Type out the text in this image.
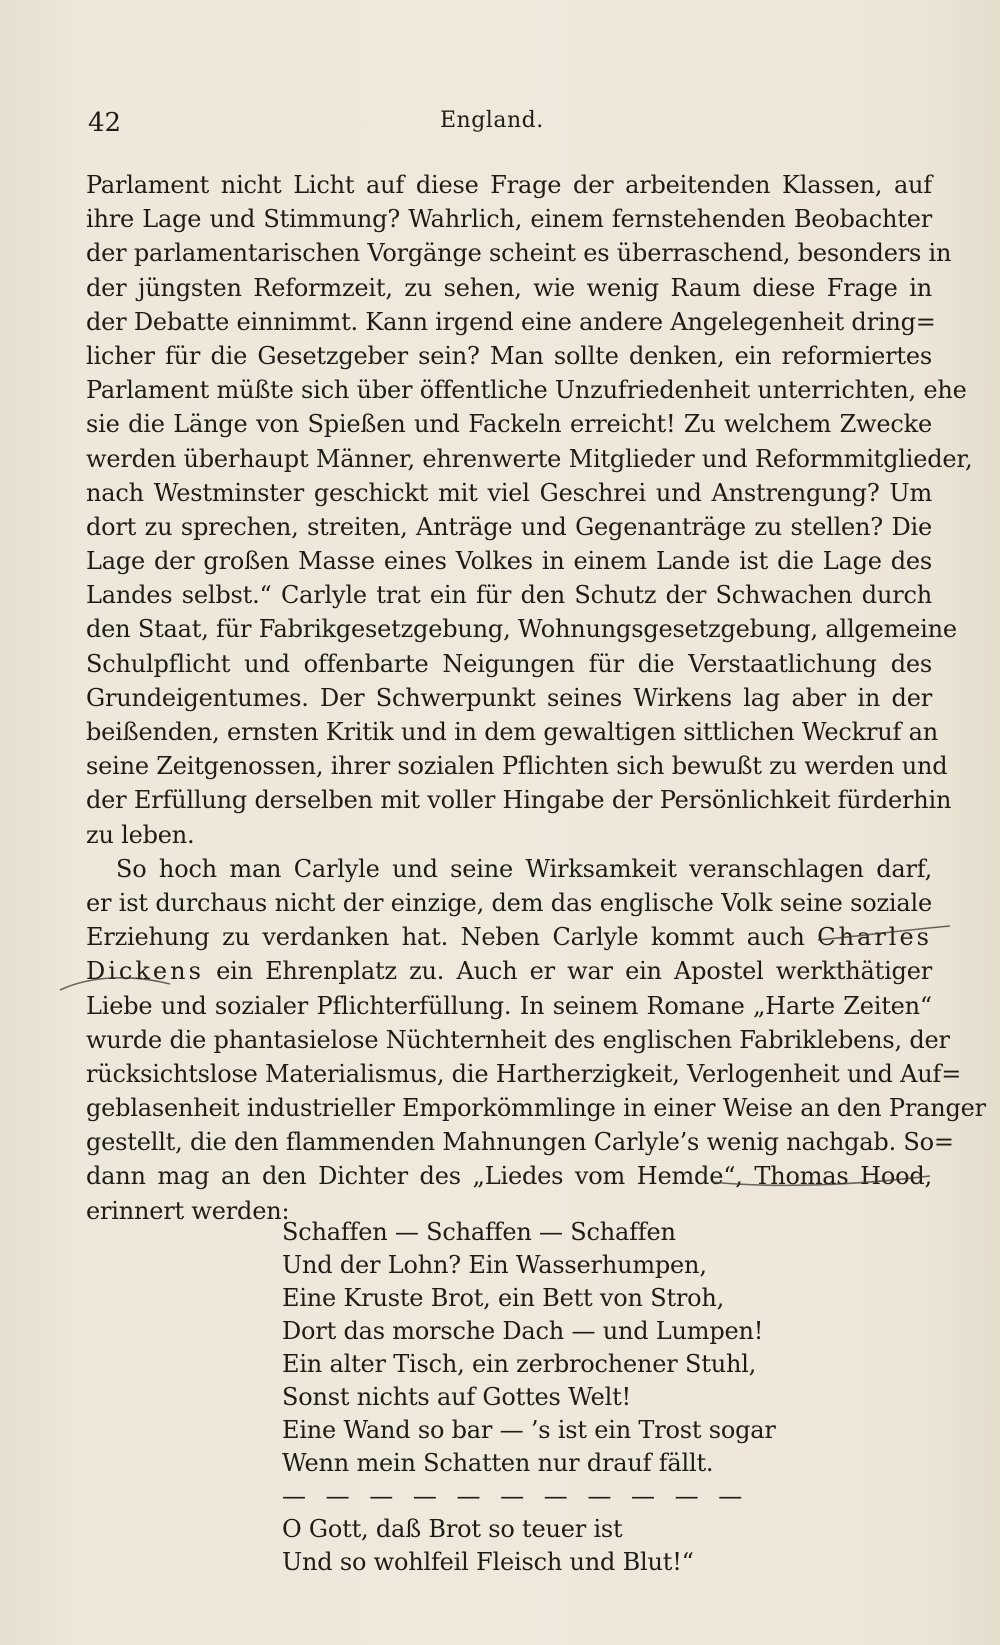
42	England.
Parlament nicht Licht auf diese Frage der arbeitenden Klassen, auf
ihre Lage und Stimmung? Wahrlich, einem fernstehenden Beobachter
der parlamentarischen Vorgänge scheint es überraschend, besonders in
der jüngsten Reformzeit, zu sehen, wie wenig Raum diese Frage in
der Debatte einnimmt. Kann irgend eine andere Angelegenheit dring=
licher für die Gesetzgeber sein? Man sollte denken, ein reformiertes
Parlament müßte sich über öffentliche Unzufriedenheit unterrichten, ehe
sie die Länge von Spießen und Fackeln erreicht! Zu welchem Zwecke
werden überhaupt Männer, ehrenwerte Mitglieder und Reformmitglieder,
nach Westminster geschickt mit viel Geschrei und Anstrengung? Um
dort zu sprechen, streiten, Anträge und Gegenanträge zu stellen? Die
Lage der großen Masse eines Volkes in einem Lande ist die Lage des
Landes selbst.“ Carlyle trat ein für den Schutz der Schwachen durch
den Staat, für Fabrikgesetzgebung, Wohnungsgesetzgebung, allgemeine
Schulpflicht und offenbarte Neigungen für die Verstaatlichung des
Grundeigentumes. Der Schwerpunkt seines Wirkens lag aber in der
beißenden, ernsten Kritik und in dem gewaltigen sittlichen Weckruf an
seine Zeitgenossen, ihrer sozialen Pflichten sich bewußt zu werden und
der Erfüllung derselben mit voller Hingabe der Persönlichkeit fürderhin
zu leben.
So hoch man Carlyle und seine Wirksamkeit veranschlagen darf,
er ist durchaus nicht der einzige, dem das englische Volk seine soziale
Erziehung zu verdanken hat. Neben Carlyle kommt auch Charles
Dickens ein Ehrenplatz zu. Auch er war ein Apostel werkthätiger
Liebe und sozialer Pflichterfüllung. In seinem Romane „Harte Zeiten“
wurde die phantasielose Nüchternheit des englischen Fabriklebens, der
rücksichtslose Materialismus, die Hartherzigkeit, Verlogenheit und Auf=
geblasenheit industrieller Emporkömmlinge in einer Weise an den Pranger
gestellt, die den flammenden Mahnungen Carlyle’s wenig nachgab. So=
dann mag an den Dichter des „Liedes vom Hemde“, Thomas Hood,
erinnert werden:
Schaffen — Schaffen — Schaffen
Und der Lohn? Ein Wasserhumpen,
Eine Kruste Brot, ein Bett von Stroh,
Dort das morsche Dach — und Lumpen!
Ein alter Tisch, ein zerbrochener Stuhl,
Sonst nichts auf Gottes Welt!
Eine Wand so bar — ’s ist ein Trost sogar
Wenn mein Schatten nur drauf fällt.
— — — — — — — — — — —
O Gott, daß Brot so teuer ist
Und so wohlfeil Fleisch und Blut!“
